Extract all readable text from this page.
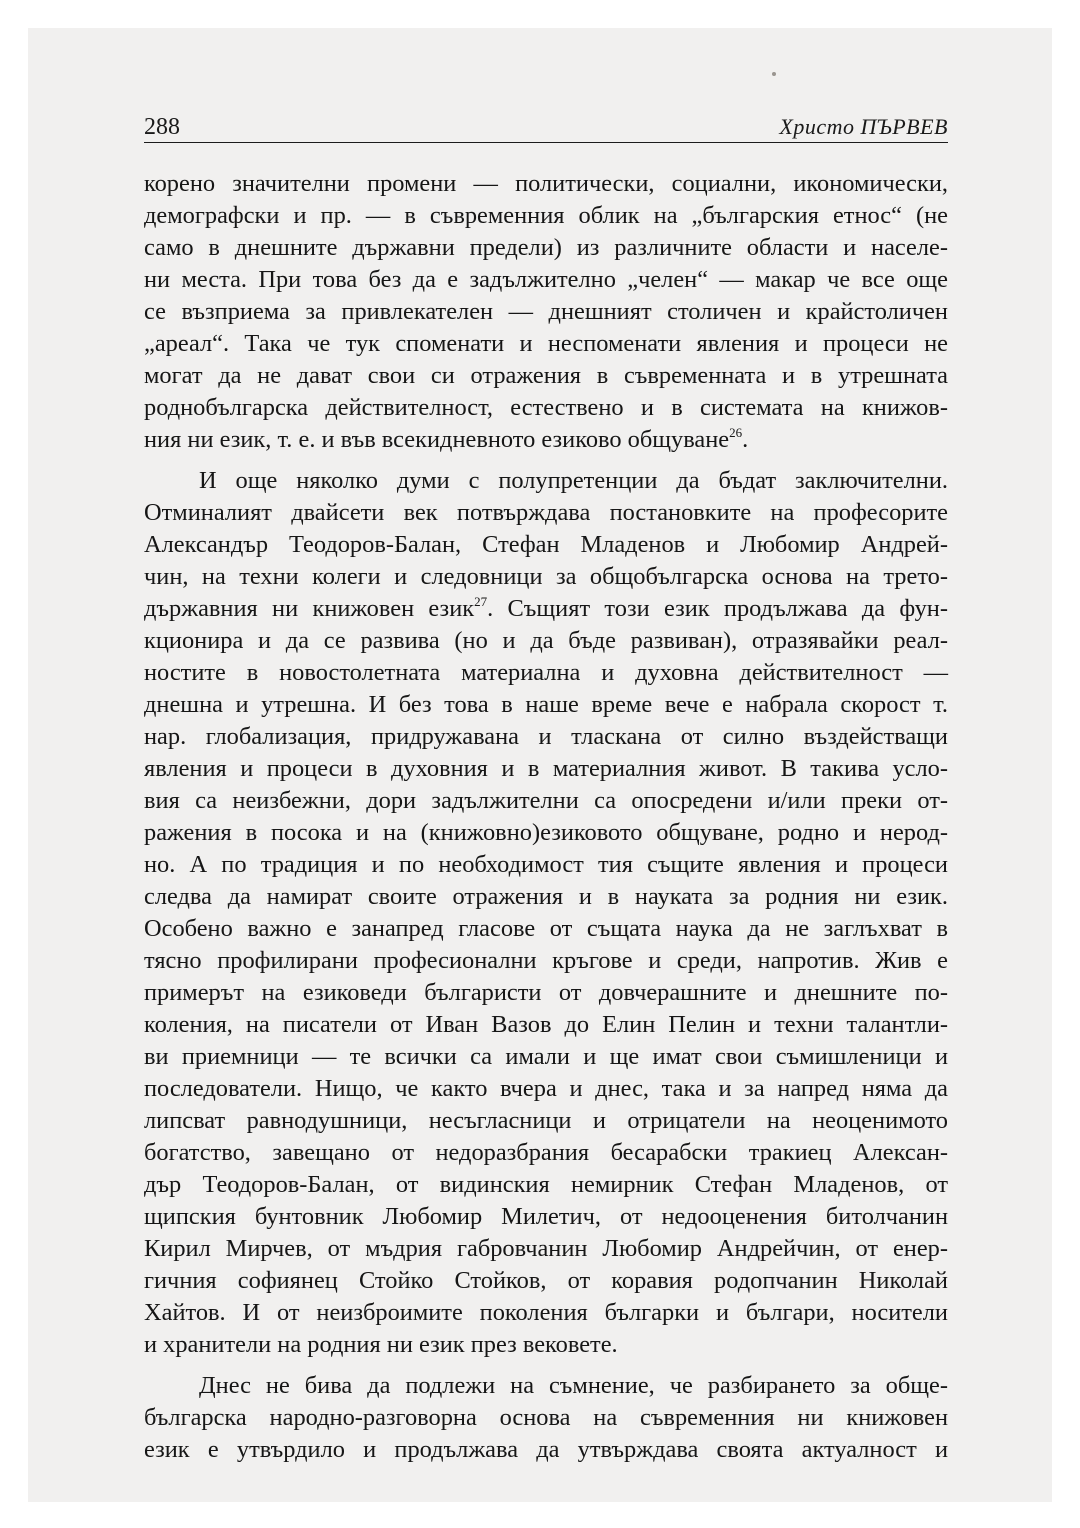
288	Христо ПЪРВЕВ
корено значителни промени — политически, социални, икономически,
демографски и пр. — в съвременния облик на „българския етнос“ (не
само в днешните държавни предели) из различните области и населе-
ни места. При това без да е задължително „челен“ — макар че все още
се възприема за привлекателен — днешният столичен и крайстоличен
„ареал“. Така че тук споменати и неспоменати явления и процеси не
могат да не дават свои си отражения в съвременната и в утрешната
роднобългарска действителност, естествено и в системата на книжов-
ния ни език, т. е. и във всекидневното езиково общуване$^{26}$.
И още няколко думи с полупретенции да бъдат заключителни.
Отминалият двайсети век потвърждава постановките на професорите
Александър Теодоров-Балан, Стефан Младенов и Любомир Андрей-
чин, на техни колеги и следовници за общобългарска основа на трето-
държавния ни книжовен език$^{27}$. Същият този език продължава да фун-
кционира и да се развива (но и да бъде развиван), отразявайки реал-
ностите в новостолетната материална и духовна действителност —
днешна и утрешна. И без това в наше време вече е набрала скорост т.
нар. глобализация, придружавана и тласкана от силно въздействащи
явления и процеси в духовния и в материалния живот. В такива усло-
вия са неизбежни, дори задължителни са опосредени и/или преки от-
ражения в посока и на (книжовно)езиковото общуване, родно и нерод-
но. А по традиция и по необходимост тия същите явления и процеси
следва да намират своите отражения и в науката за родния ни език.
Особено важно е занапред гласове от същата наука да не заглъхват в
тясно профилирани професионални кръгове и среди, напротив. Жив е
примерът на езиковеди българисти от довчерашните и днешните по-
коления, на писатели от Иван Вазов до Елин Пелин и техни талантли-
ви приемници — те всички са имали и ще имат свои съмишленици и
последователи. Нищо, че както вчера и днес, така и за напред няма да
липсват равнодушници, несъгласници и отрицатели на неоценимото
богатство, завещано от недоразбрания бесарабски тракиец Алексан-
дър Теодоров-Балан, от видинския немирник Стефан Младенов, от
щипския бунтовник Любомир Милетич, от недооценения битолчанин
Кирил Мирчев, от мъдрия габровчанин Любомир Андрейчин, от енер-
гичния софиянец Стойко Стойков, от коравия родопчанин Николай
Хайтов. И от неизброимите поколения българки и българи, носители
и хранители на родния ни език през вековете.
Днес не бива да подлежи на съмнение, че разбирането за обще-
българска народно-разговорна основа на съвременния ни книжовен
език е утвърдило и продължава да утвърждава своята актуалност и
